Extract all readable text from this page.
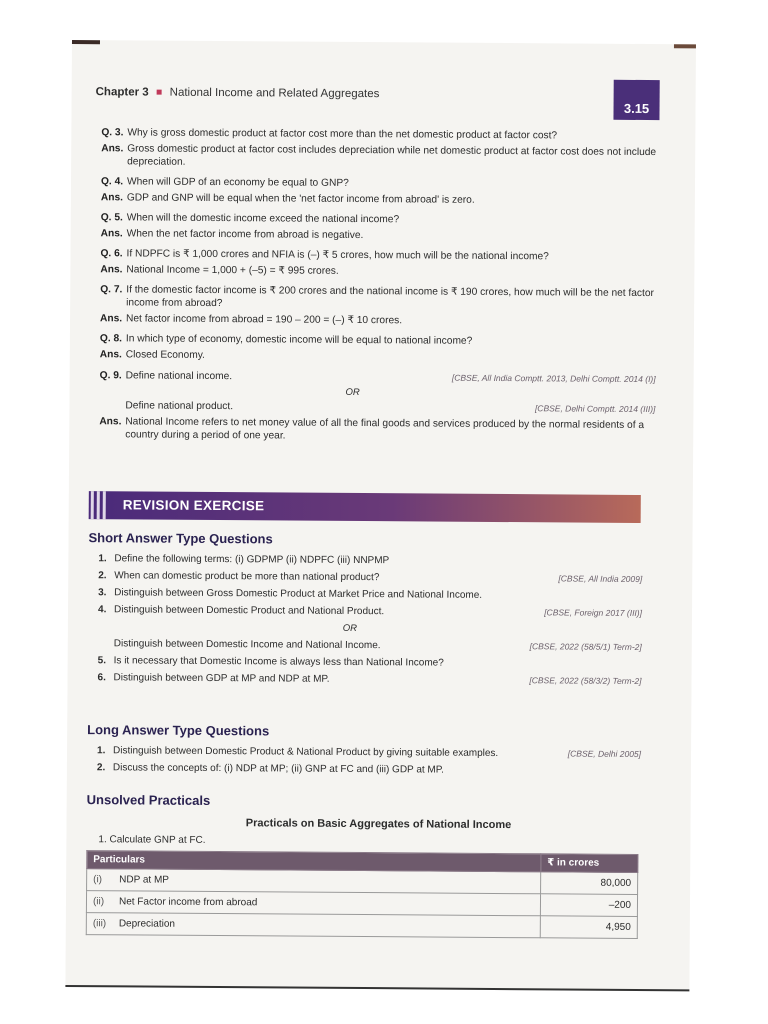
Chapter 3 National Income and Related Aggregates
3.15
Q. 3. Why is gross domestic product at factor cost more than the net domestic product at factor cost?
Ans. Gross domestic product at factor cost includes depreciation while net domestic product at factor cost does not include depreciation.
Q. 4. When will GDP of an economy be equal to GNP?
Ans. GDP and GNP will be equal when the 'net factor income from abroad' is zero.
Q. 5. When will the domestic income exceed the national income?
Ans. When the net factor income from abroad is negative.
Q. 6. If NDPFC is ₹ 1,000 crores and NFIA is (–) ₹ 5 crores, how much will be the national income?
Ans. National Income = 1,000 + (–5) = ₹ 995 crores.
Q. 7. If the domestic factor income is ₹ 200 crores and the national income is ₹ 190 crores, how much will be the net factor income from abroad?
Ans. Net factor income from abroad = 190 – 200 = (–) ₹ 10 crores.
Q. 8. In which type of economy, domestic income will be equal to national income?
Ans. Closed Economy.
Q. 9. Define national income.	[CBSE, All India Comptt. 2013, Delhi Comptt. 2014 (I)]
OR
Define national product.	[CBSE, Delhi Comptt. 2014 (III)]
Ans. National Income refers to net money value of all the final goods and services produced by the normal residents of a country during a period of one year.
REVISION EXERCISE
Short Answer Type Questions
1. Define the following terms: (i) GDPMP (ii) NDPFC (iii) NNPMP
2. When can domestic product be more than national product?	[CBSE, All India 2009]
3. Distinguish between Gross Domestic Product at Market Price and National Income.
4. Distinguish between Domestic Product and National Product.	[CBSE, Foreign 2017 (III)]
OR
Distinguish between Domestic Income and National Income.	[CBSE, 2022 (58/5/1) Term-2]
5. Is it necessary that Domestic Income is always less than National Income?
6. Distinguish between GDP at MP and NDP at MP.	[CBSE, 2022 (58/3/2) Term-2]
Long Answer Type Questions
1. Distinguish between Domestic Product & National Product by giving suitable examples.	[CBSE, Delhi 2005]
2. Discuss the concepts of: (i) NDP at MP; (ii) GNP at FC and (iii) GDP at MP.
Unsolved Practicals
Practicals on Basic Aggregates of National Income
1. Calculate GNP at FC.
Particulars	₹ in crores
(i) NDP at MP	80,000
(ii) Net Factor income from abroad	–200
(iii) Depreciation	4,950
